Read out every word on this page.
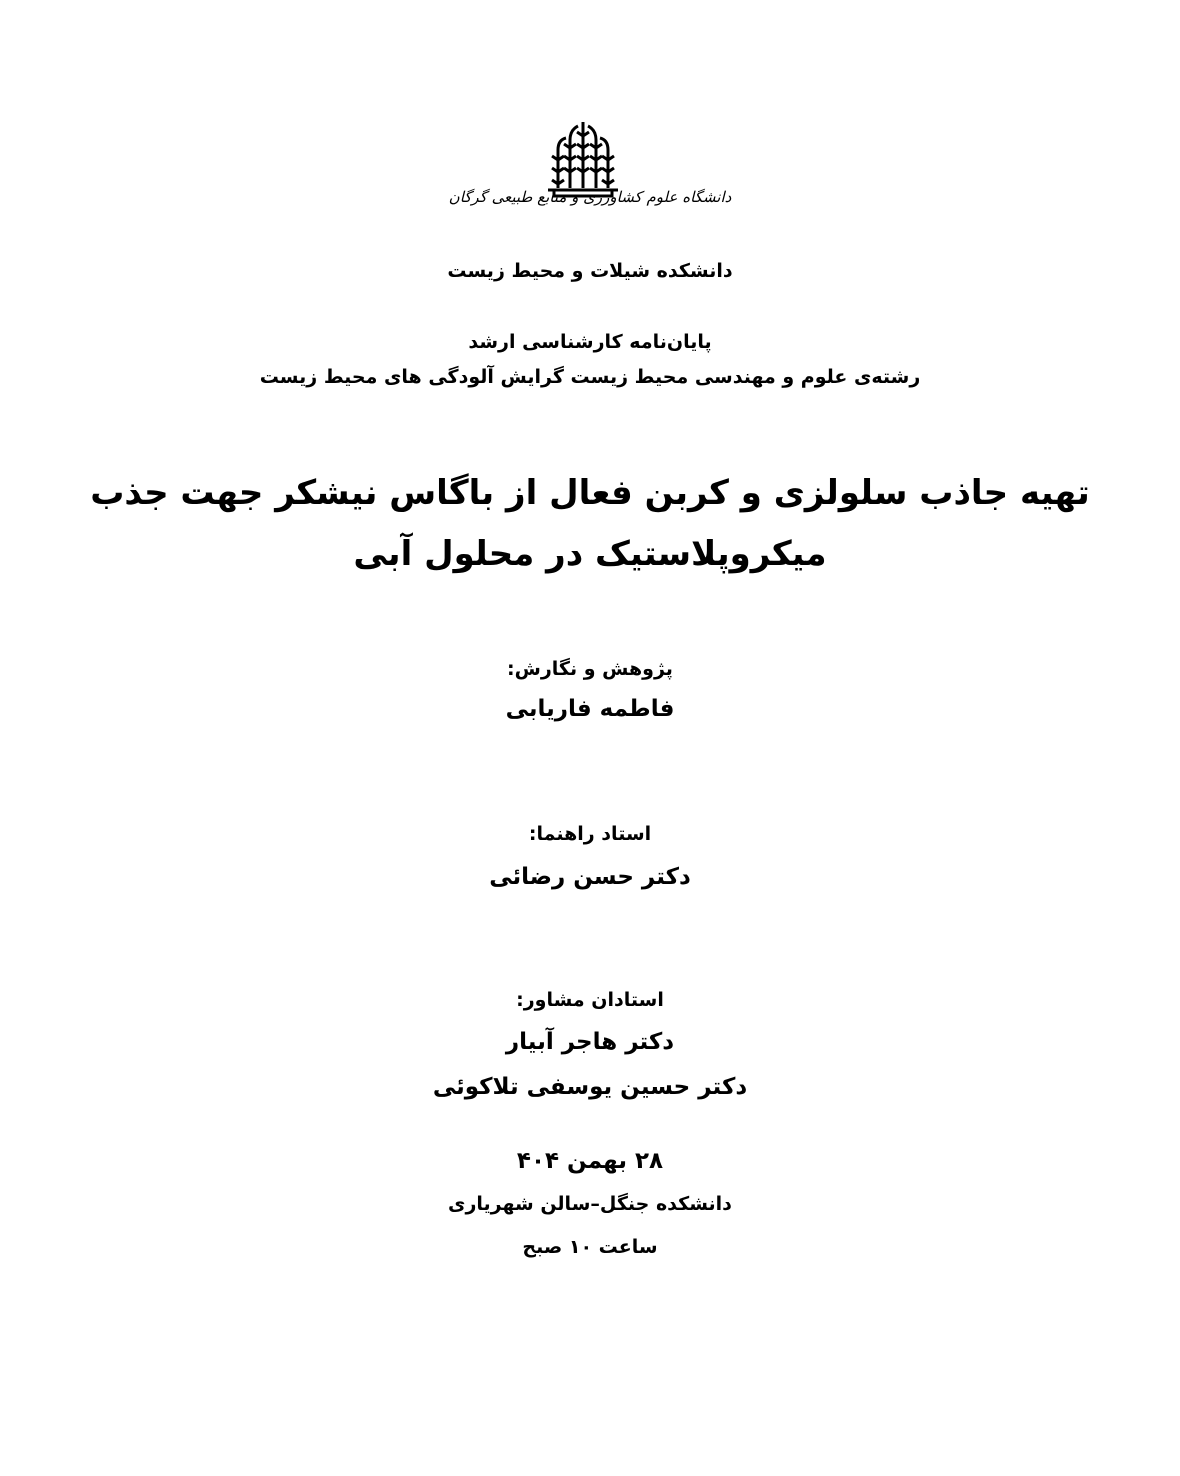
دانشگاه علوم کشاورزی و منابع طبیعی گرگان
دانشکده شیلات و محیط زیست
پایان‌نامه کارشناسی ارشد
رشته‌ی علوم و مهندسی محیط زیست گرایش آلودگی های محیط زیست
تهیه جاذب سلولزی و کربن فعال از باگاس نیشکر جهت جذب
میکروپلاستیک در محلول آبی
پژوهش و نگارش:
فاطمه فاریابی
استاد راهنما:
دکتر حسن رضائی
استادان مشاور:
دکتر هاجر آبیار
دکتر حسین یوسفی تلاکوئی
۲۸ بهمن ۴۰۴
دانشکده جنگل–سالن شهریاری
ساعت ۱۰ صبح
